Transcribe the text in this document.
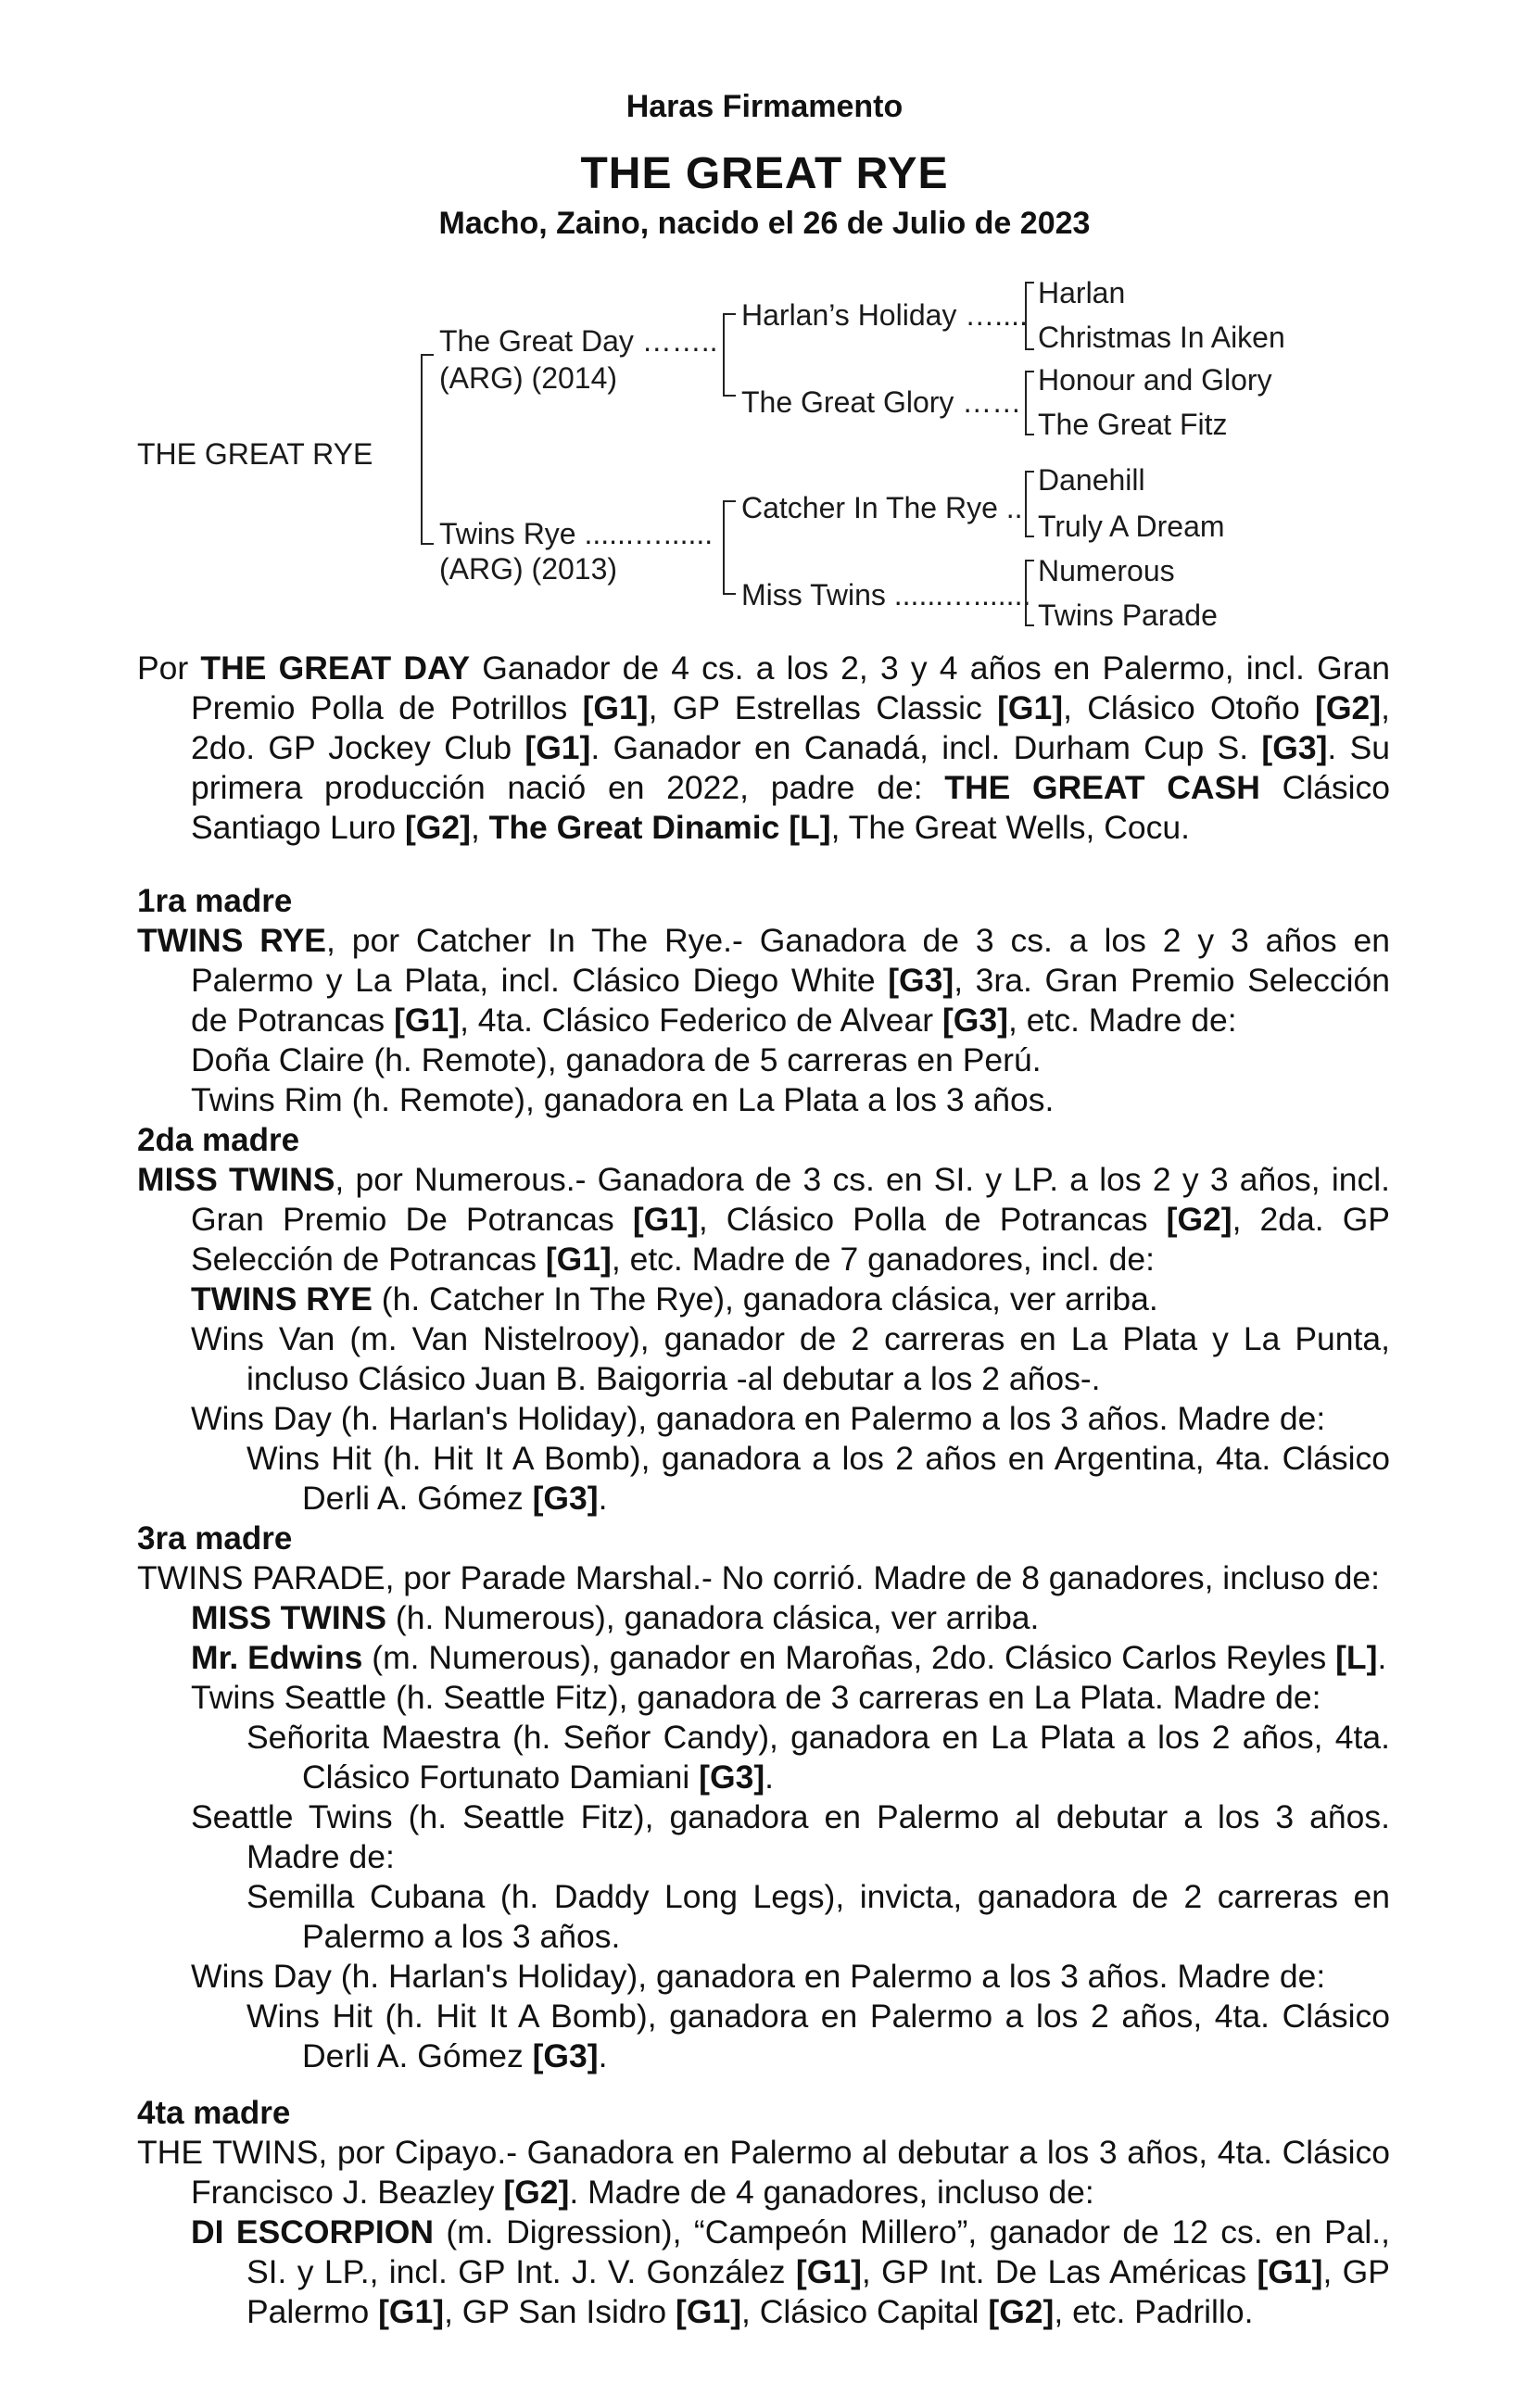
Haras Firmamento
THE GREAT RYE
Macho, Zaino, nacido el 26 de Julio de 2023
THE GREAT RYE
The Great Day ……..
(ARG) (2014)
Twins Rye ......…......
(ARG) (2013)
Harlan’s Holiday …....
The Great Glory ……
Catcher In The Rye ..
Miss Twins ......….......
Harlan
Christmas In Aiken
Honour and Glory
The Great Fitz
Danehill
Truly A Dream
Numerous
Twins Parade

Por THE GREAT DAY Ganador de 4 cs. a los 2, 3 y 4 años en Palermo, incl. Gran Premio Polla de Potrillos [G1], GP Estrellas Classic [G1], Clásico Otoño [G2], 2do. GP Jockey Club [G1]. Ganador en Canadá, incl. Durham Cup S. [G3]. Su primera producción nació en 2022, padre de: THE GREAT CASH Clásico Santiago Luro [G2], The Great Dinamic [L], The Great Wells, Cocu.

1ra madre

TWINS RYE, por Catcher In The Rye.- Ganadora de 3 cs. a los 2 y 3 años en Palermo y La Plata, incl. Clásico Diego White [G3], 3ra. Gran Premio Selección de Potrancas [G1], 4ta. Clásico Federico de Alvear [G3], etc. Madre de:

Doña Claire (h. Remote), ganadora de 5 carreras en Perú.

Twins Rim (h. Remote), ganadora en La Plata a los 3 años.

2da madre

MISS TWINS, por Numerous.- Ganadora de 3 cs. en SI. y LP. a los 2 y 3 años, incl. Gran Premio De Potrancas [G1], Clásico Polla de Potrancas [G2], 2da. GP Selección de Potrancas [G1], etc. Madre de 7 ganadores, incl. de:

TWINS RYE (h. Catcher In The Rye), ganadora clásica, ver arriba.

Wins Van (m. Van Nistelrooy), ganador de 2 carreras en La Plata y La Punta, incluso Clásico Juan B. Baigorria -al debutar a los 2 años-.

Wins Day (h. Harlan's Holiday), ganadora en Palermo a los 3 años. Madre de:

Wins Hit (h. Hit It A Bomb), ganadora a los 2 años en Argentina, 4ta. Clásico Derli A. Gómez [G3].

3ra madre

TWINS PARADE, por Parade Marshal.- No corrió. Madre de 8 ganadores, incluso de:

MISS TWINS (h. Numerous), ganadora clásica, ver arriba.

Mr. Edwins (m. Numerous), ganador en Maroñas, 2do. Clásico Carlos Reyles [L].

Twins Seattle (h. Seattle Fitz), ganadora de 3 carreras en La Plata. Madre de:

Señorita Maestra (h. Señor Candy), ganadora en La Plata a los 2 años, 4ta. Clásico Fortunato Damiani [G3].

Seattle Twins (h. Seattle Fitz), ganadora en Palermo al debutar a los 3 años. Madre de:

Semilla Cubana (h. Daddy Long Legs), invicta, ganadora de 2 carreras en Palermo a los 3 años.

Wins Day (h. Harlan's Holiday), ganadora en Palermo a los 3 años. Madre de:

Wins Hit (h. Hit It A Bomb), ganadora en Palermo a los 2 años, 4ta. Clásico Derli A. Gómez [G3].

4ta madre

THE TWINS, por Cipayo.- Ganadora en Palermo al debutar a los 3 años, 4ta. Clásico Francisco J. Beazley [G2]. Madre de 4 ganadores, incluso de:

DI ESCORPION (m. Digression), “Campeón Millero”, ganador de 12 cs. en Pal., SI. y LP., incl. GP Int. J. V. González [G1], GP Int. De Las Américas [G1], GP Palermo [G1], GP San Isidro [G1], Clásico Capital [G2], etc. Padrillo.
